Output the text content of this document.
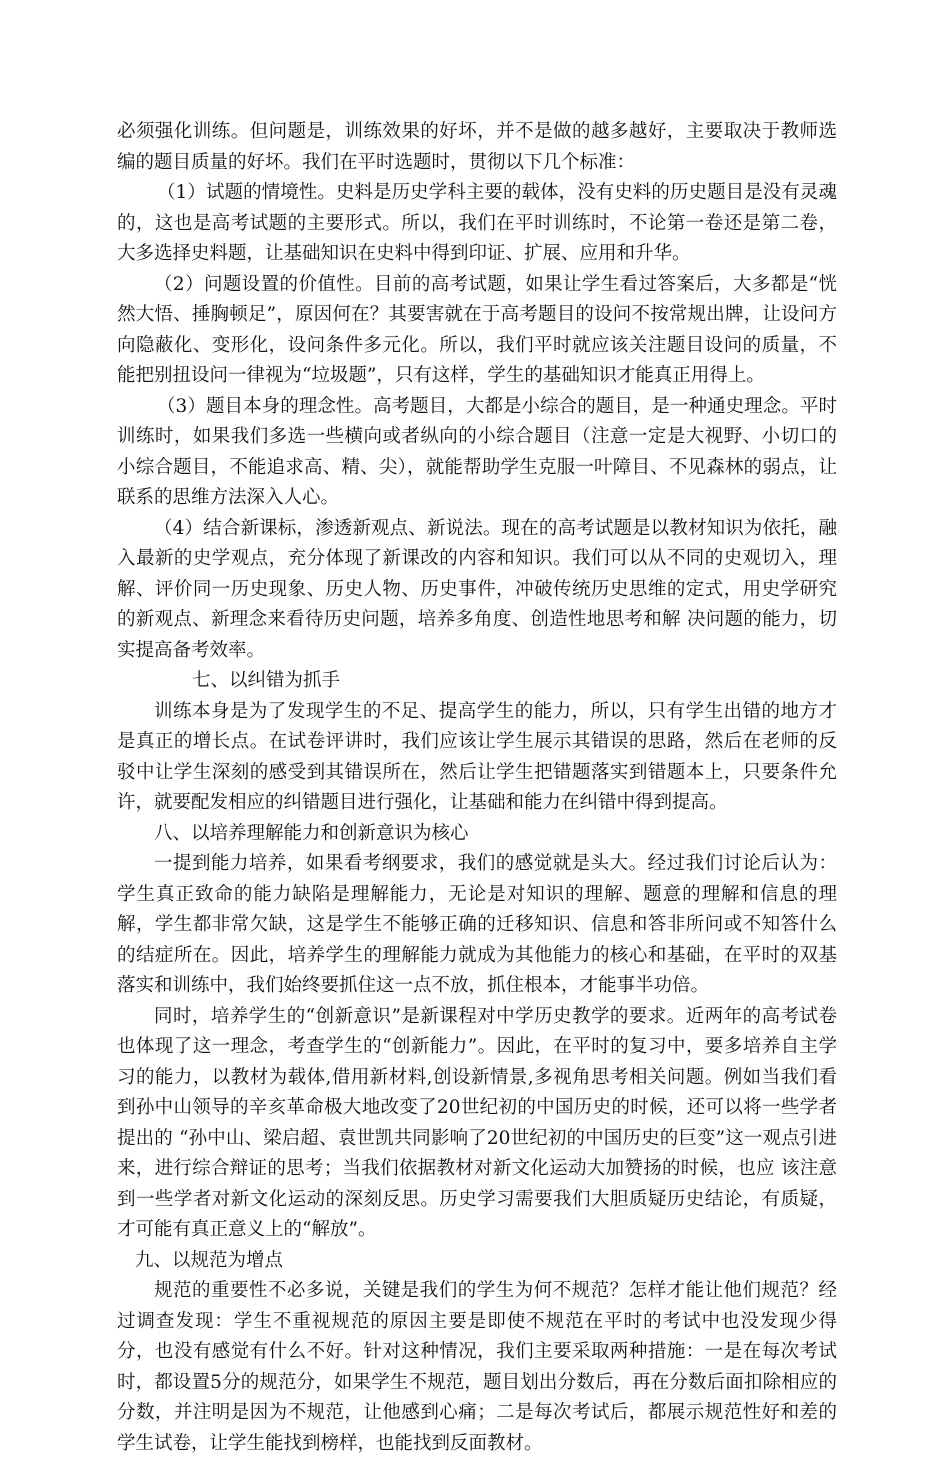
必须强化训练。但问题是，训练效果的好坏，并不是做的越多越好，主要取决于教师选编的题目质量的好坏。我们在平时选题时，贯彻以下几个标准：

（1）试题的情境性。史料是历史学科主要的载体，没有史料的历史题目是没有灵魂的，这也是高考试题的主要形式。所以，我们在平时训练时，不论第一卷还是第二卷，大多选择史料题，让基础知识在史料中得到印证、扩展、应用和升华。

（2）问题设置的价值性。目前的高考试题，如果让学生看过答案后，大多都是“恍然大悟、捶胸顿足”，原因何在？其要害就在于高考题目的设问不按常规出牌，让设问方向隐蔽化、变形化，设问条件多元化。所以，我们平时就应该关注题目设问的质量，不能把别扭设问一律视为“垃圾题”，只有这样，学生的基础知识才能真正用得上。

（3）题目本身的理念性。高考题目，大都是小综合的题目，是一种通史理念。平时训练时，如果我们多选一些横向或者纵向的小综合题目（注意一定是大视野、小切口的小综合题目，不能追求高、精、尖），就能帮助学生克服一叶障目、不见森林的弱点，让联系的思维方法深入人心。

（4）结合新课标，渗透新观点、新说法。现在的高考试题是以教材知识为依托，融入最新的史学观点，充分体现了新课改的内容和知识。我们可以从不同的史观切入，理解、评价同一历史现象、历史人物、历史事件，冲破传统历史思维的定式，用史学研究的新观点、新理念来看待历史问题，培养多角度、创造性地思考和解 决问题的能力，切实提高备考效率。

七、以纠错为抓手

训练本身是为了发现学生的不足、提高学生的能力，所以，只有学生出错的地方才是真正的增长点。在试卷评讲时，我们应该让学生展示其错误的思路，然后在老师的反驳中让学生深刻的感受到其错误所在，然后让学生把错题落实到错题本上，只要条件允许，就要配发相应的纠错题目进行强化，让基础和能力在纠错中得到提高。

八、以培养理解能力和创新意识为核心

一提到能力培养，如果看考纲要求，我们的感觉就是头大。经过我们讨论后认为：学生真正致命的能力缺陷是理解能力，无论是对知识的理解、题意的理解和信息的理解，学生都非常欠缺，这是学生不能够正确的迁移知识、信息和答非所问或不知答什么的结症所在。因此，培养学生的理解能力就成为其他能力的核心和基础，在平时的双基落实和训练中，我们始终要抓住这一点不放，抓住根本，才能事半功倍。

同时，培养学生的“创新意识”是新课程对中学历史教学的要求。近两年的高考试卷也体现了这一理念，考查学生的“创新能力”。因此，在平时的复习中，要多培养自主学习的能力，以教材为载体,借用新材料,创设新情景,多视角思考相关问题。例如当我们看到孙中山领导的辛亥革命极大地改变了20世纪初的中国历史的时候，还可以将一些学者提出的 “孙中山、梁启超、袁世凯共同影响了20世纪初的中国历史的巨变”这一观点引进来，进行综合辩证的思考；当我们依据教材对新文化运动大加赞扬的时候，也应 该注意到一些学者对新文化运动的深刻反思。历史学习需要我们大胆质疑历史结论，有质疑，才可能有真正意义上的“解放”。

九、以规范为增点

规范的重要性不必多说，关键是我们的学生为何不规范？怎样才能让他们规范？经过调查发现：学生不重视规范的原因主要是即使不规范在平时的考试中也没发现少得分，也没有感觉有什么不好。针对这种情况，我们主要采取两种措施：一是在每次考试时，都设置5分的规范分，如果学生不规范，题目划出分数后，再在分数后面扣除相应的分数，并注明是因为不规范，让他感到心痛；二是每次考试后，都展示规范性好和差的学生试卷，让学生能找到榜样，也能找到反面教材。
